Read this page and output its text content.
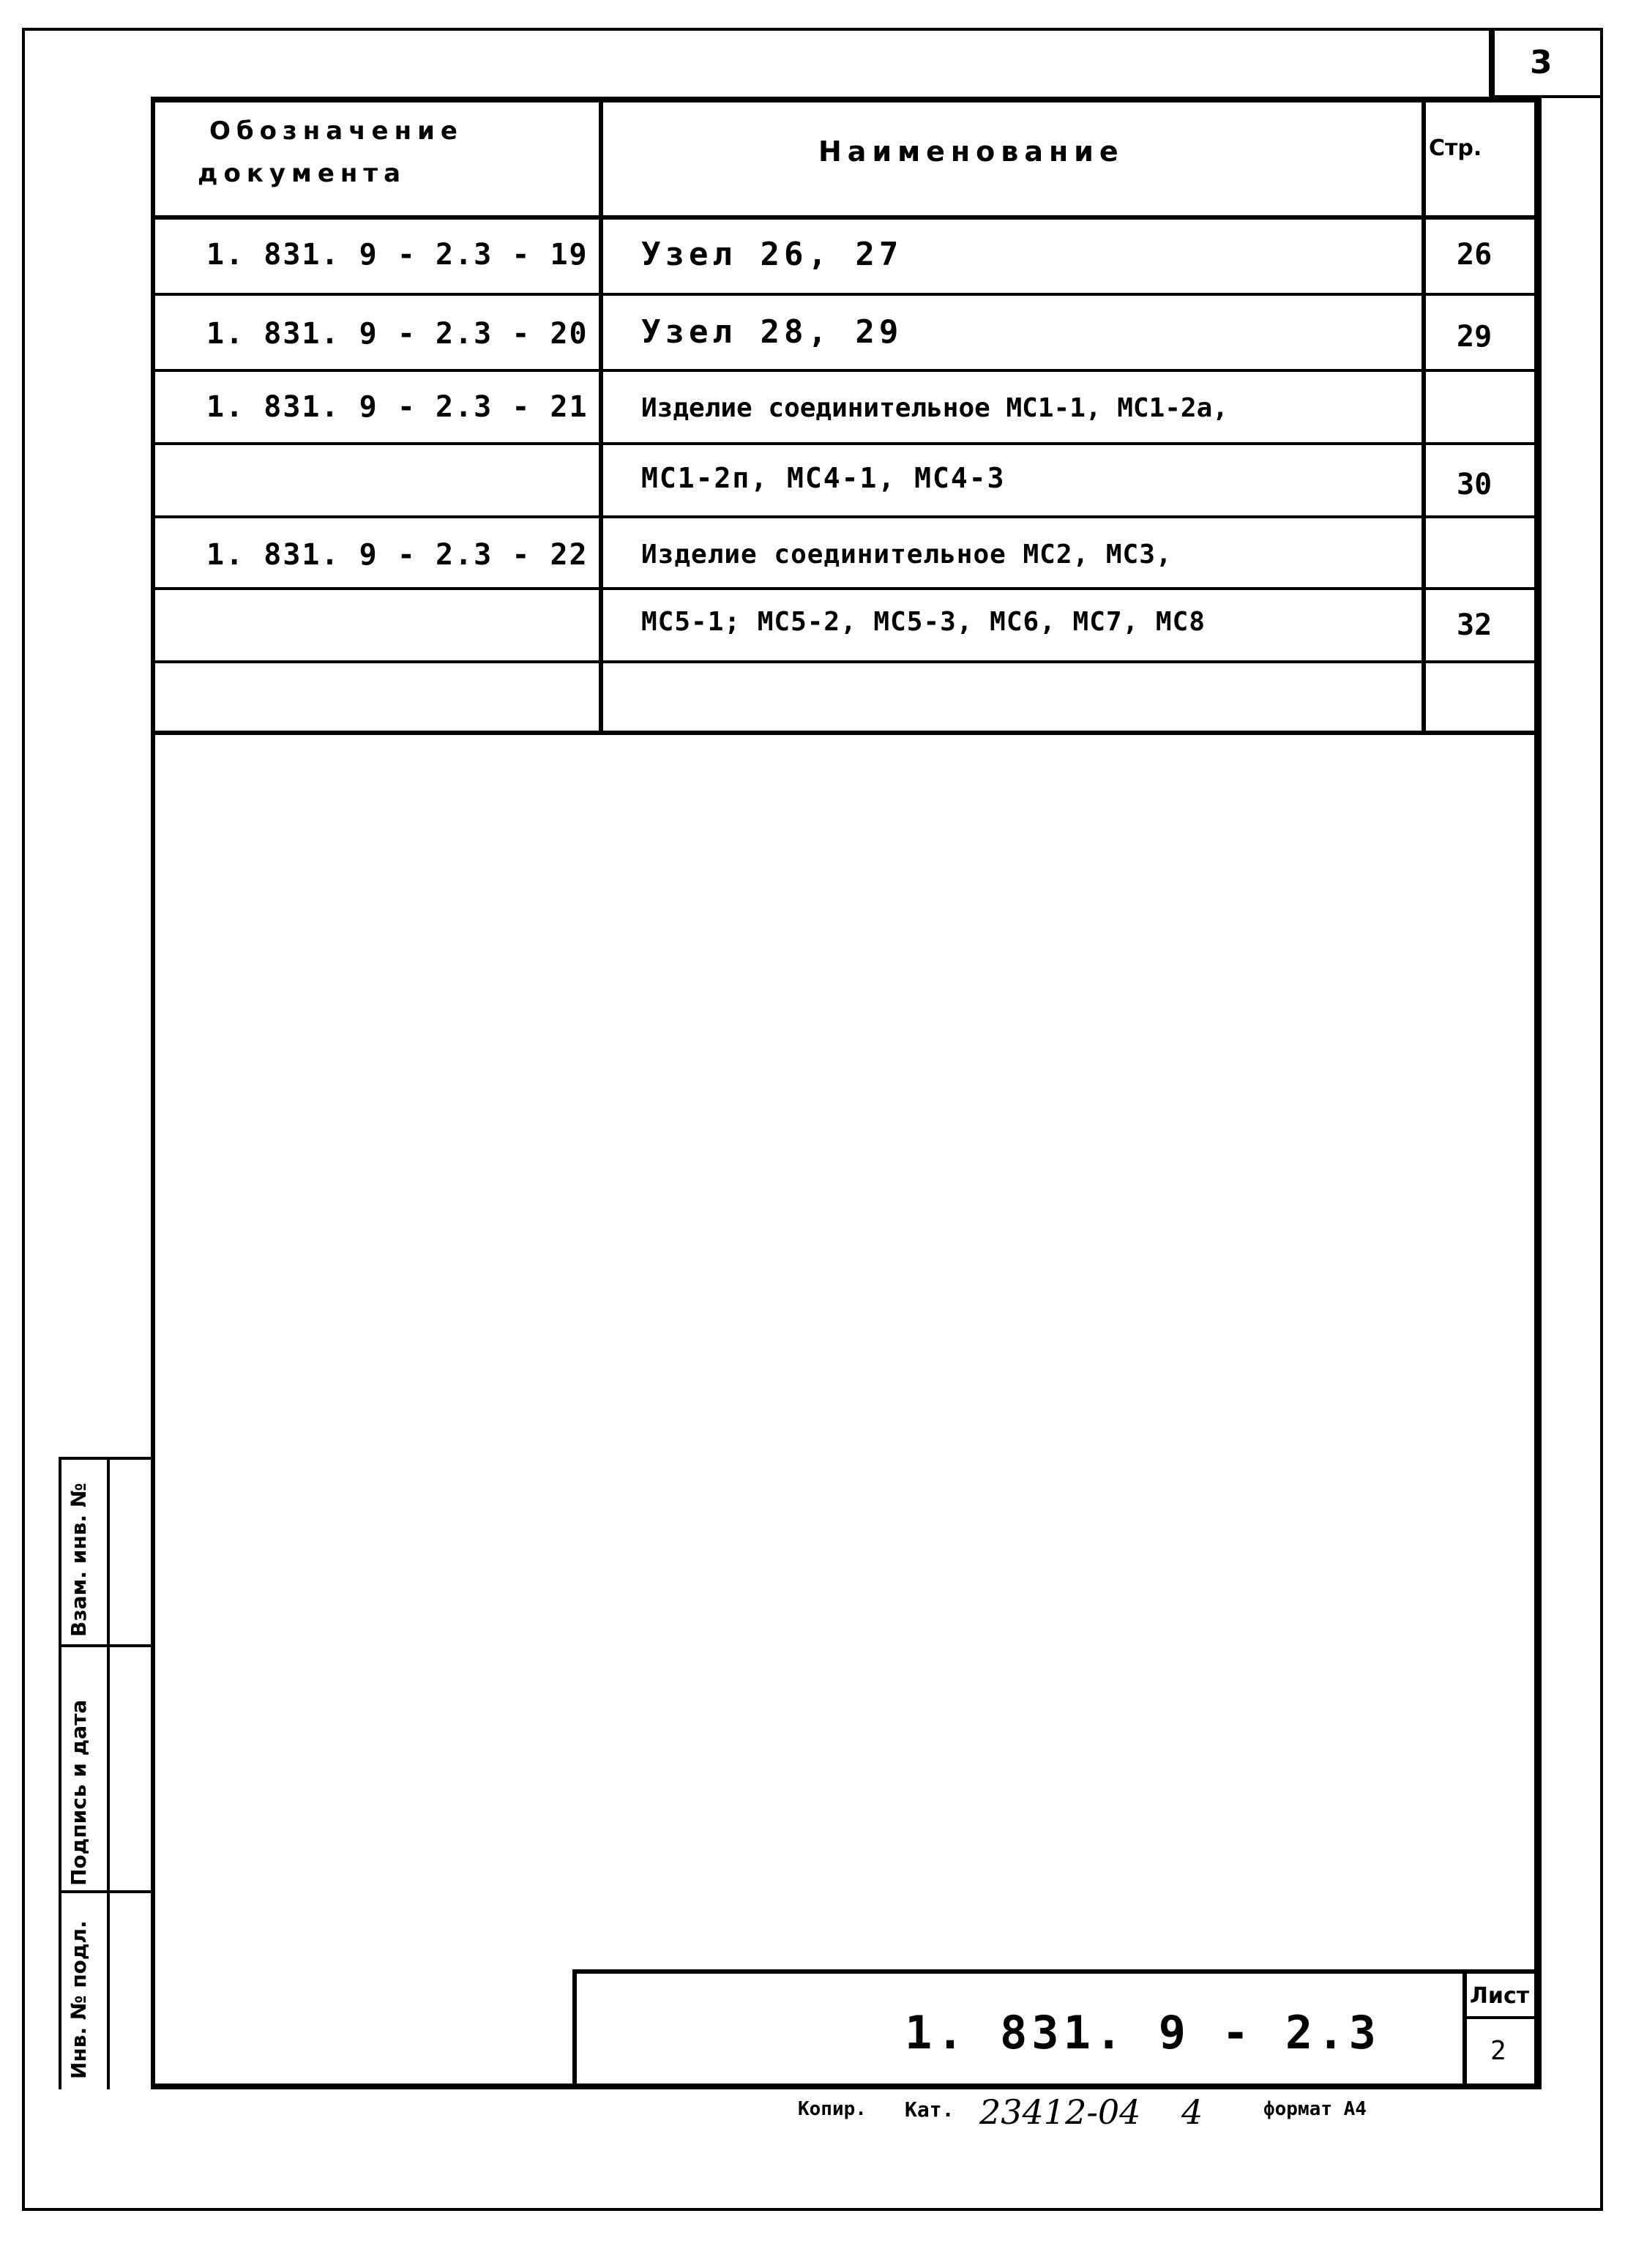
3
Обозначение
документа
Наименование	Стр.
1. 831. 9 - 2.3 - 19 Узел 26, 27	26
1. 831. 9 - 2.3 - 20 Узел 28, 29	29
1. 831. 9 - 2.3 - 21 Изделие соединительное МС1-1, МС1-2а,
МС1-2п, МС4-1, МС4-3	30
1. 831. 9 - 2.3 - 22 Изделие соединительное МС2, МС3,
МС5-1; МС5-2, МС5-3, МС6, МС7, МС8	32
Взам. инв. №
Подпись и дата
Инв. № подл.	1. 831. 9 - 2.3
Лист
2
Копир. Кат. 23412-04 4	формат А4
